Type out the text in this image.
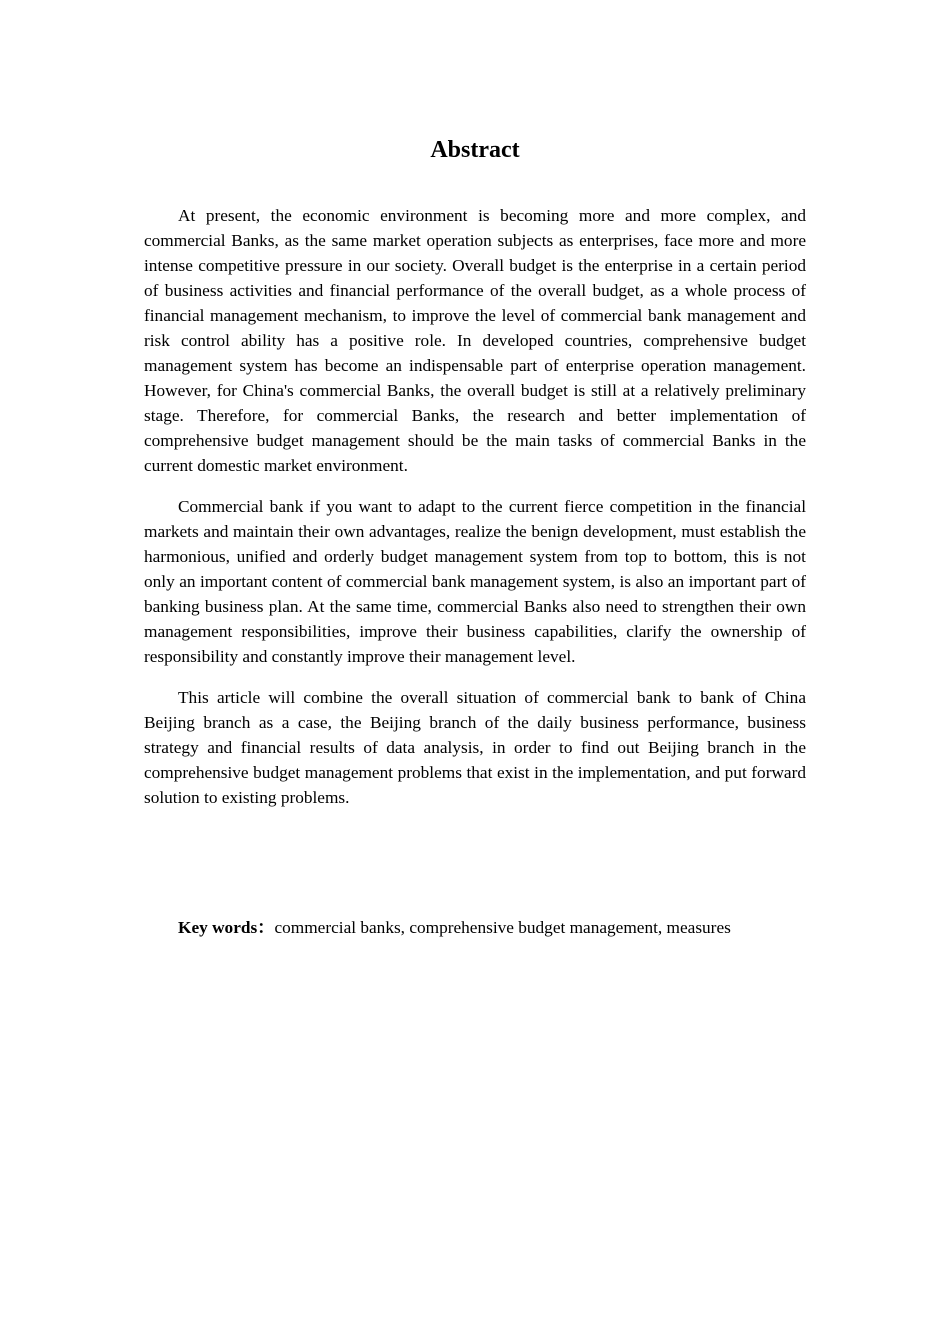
Abstract

At present, the economic environment is becoming more and more complex, and commercial Banks, as the same market operation subjects as enterprises, face more and more intense competitive pressure in our society. Overall budget is the enterprise in a certain period of business activities and financial performance of the overall budget, as a whole process of financial management mechanism, to improve the level of commercial bank management and risk control ability has a positive role. In developed countries, comprehensive budget management system has become an indispensable part of enterprise operation management. However, for China's commercial Banks, the overall budget is still at a relatively preliminary stage. Therefore, for commercial Banks, the research and better implementation of comprehensive budget management should be the main tasks of commercial Banks in the current domestic market environment.

Commercial bank if you want to adapt to the current fierce competition in the financial markets and maintain their own advantages, realize the benign development, must establish the harmonious, unified and orderly budget management system from top to bottom, this is not only an important content of commercial bank management system, is also an important part of banking business plan. At the same time, commercial Banks also need to strengthen their own management responsibilities, improve their business capabilities, clarify the ownership of responsibility and constantly improve their management level.

This article will combine the overall situation of commercial bank to bank of China Beijing branch as a case, the Beijing branch of the daily business performance, business strategy and financial results of data analysis, in order to find out Beijing branch in the comprehensive budget management problems that exist in the implementation, and put forward solution to existing problems.

Key words：commercial banks, comprehensive budget management, measures
